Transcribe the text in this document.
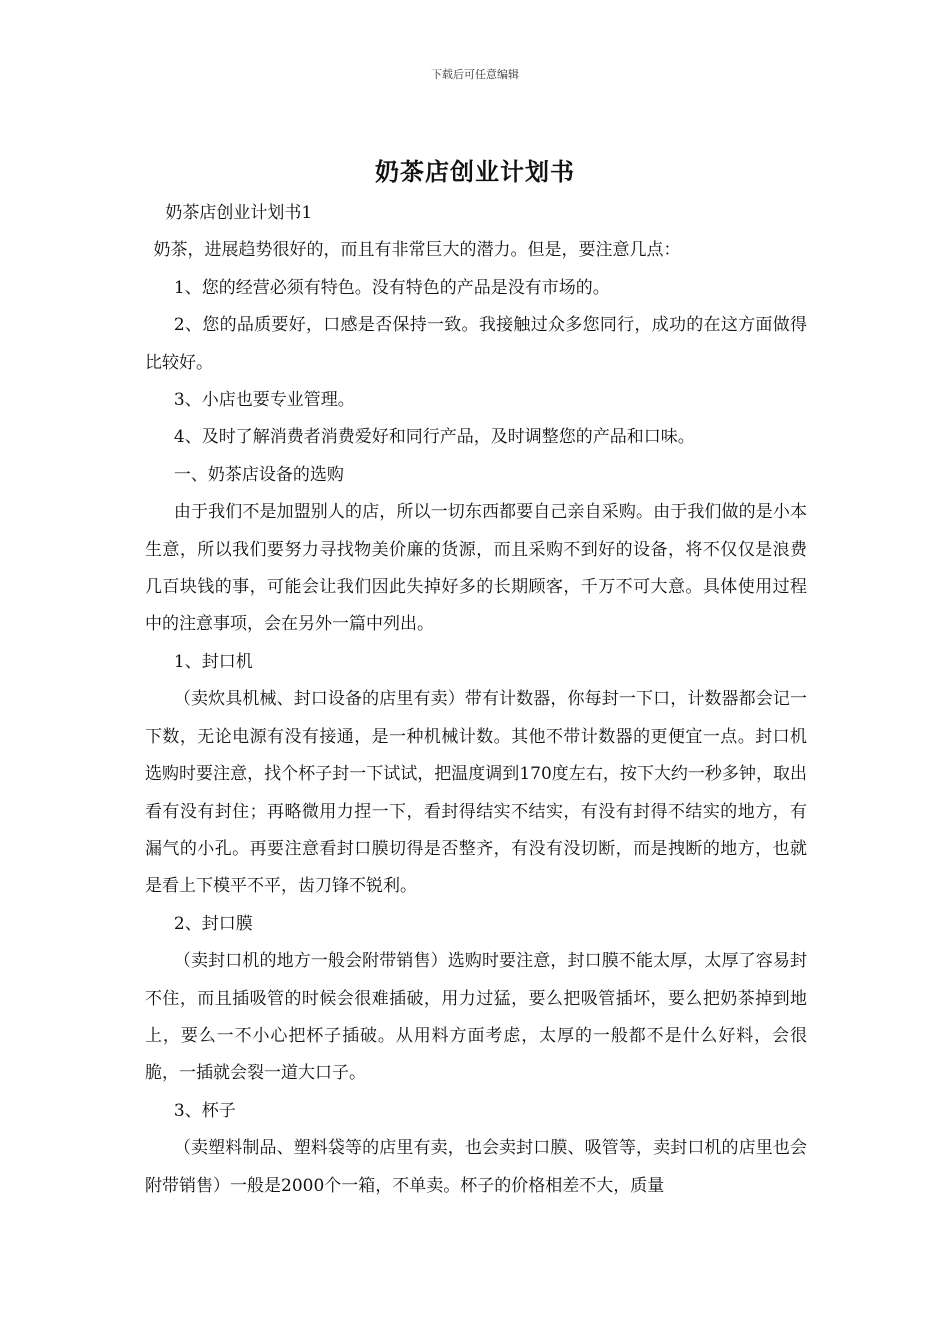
下载后可任意编辑
奶茶店创业计划书

奶茶店创业计划书1

奶茶，进展趋势很好的，而且有非常巨大的潜力。但是，要注意几点：

1、您的经营必须有特色。没有特色的产品是没有市场的。

2、您的品质要好，口感是否保持一致。我接触过众多您同行，成功的在这方面做得比较好。

3、小店也要专业管理。

4、及时了解消费者消费爱好和同行产品，及时调整您的产品和口味。

一、奶茶店设备的选购

由于我们不是加盟别人的店，所以一切东西都要自己亲自采购。由于我们做的是小本生意，所以我们要努力寻找物美价廉的货源，而且采购不到好的设备，将不仅仅是浪费几百块钱的事，可能会让我们因此失掉好多的长期顾客，千万不可大意。具体使用过程中的注意事项，会在另外一篇中列出。

1、封口机

（卖炊具机械、封口设备的店里有卖）带有计数器，你每封一下口，计数器都会记一下数，无论电源有没有接通，是一种机械计数。其他不带计数器的更便宜一点。封口机选购时要注意，找个杯子封一下试试，把温度调到170度左右，按下大约一秒多钟，取出看有没有封住；再略微用力捏一下，看封得结实不结实，有没有封得不结实的地方，有漏气的小孔。再要注意看封口膜切得是否整齐，有没有没切断，而是拽断的地方，也就是看上下模平不平，齿刀锋不锐利。

2、封口膜

（卖封口机的地方一般会附带销售）选购时要注意，封口膜不能太厚，太厚了容易封不住，而且插吸管的时候会很难插破，用力过猛，要么把吸管插坏，要么把奶茶掉到地上，要么一不小心把杯子插破。从用料方面考虑，太厚的一般都不是什么好料，会很脆，一插就会裂一道大口子。

3、杯子

（卖塑料制品、塑料袋等的店里有卖，也会卖封口膜、吸管等，卖封口机的店里也会附带销售）一般是2000个一箱，不单卖。杯子的价格相差不大，质量
